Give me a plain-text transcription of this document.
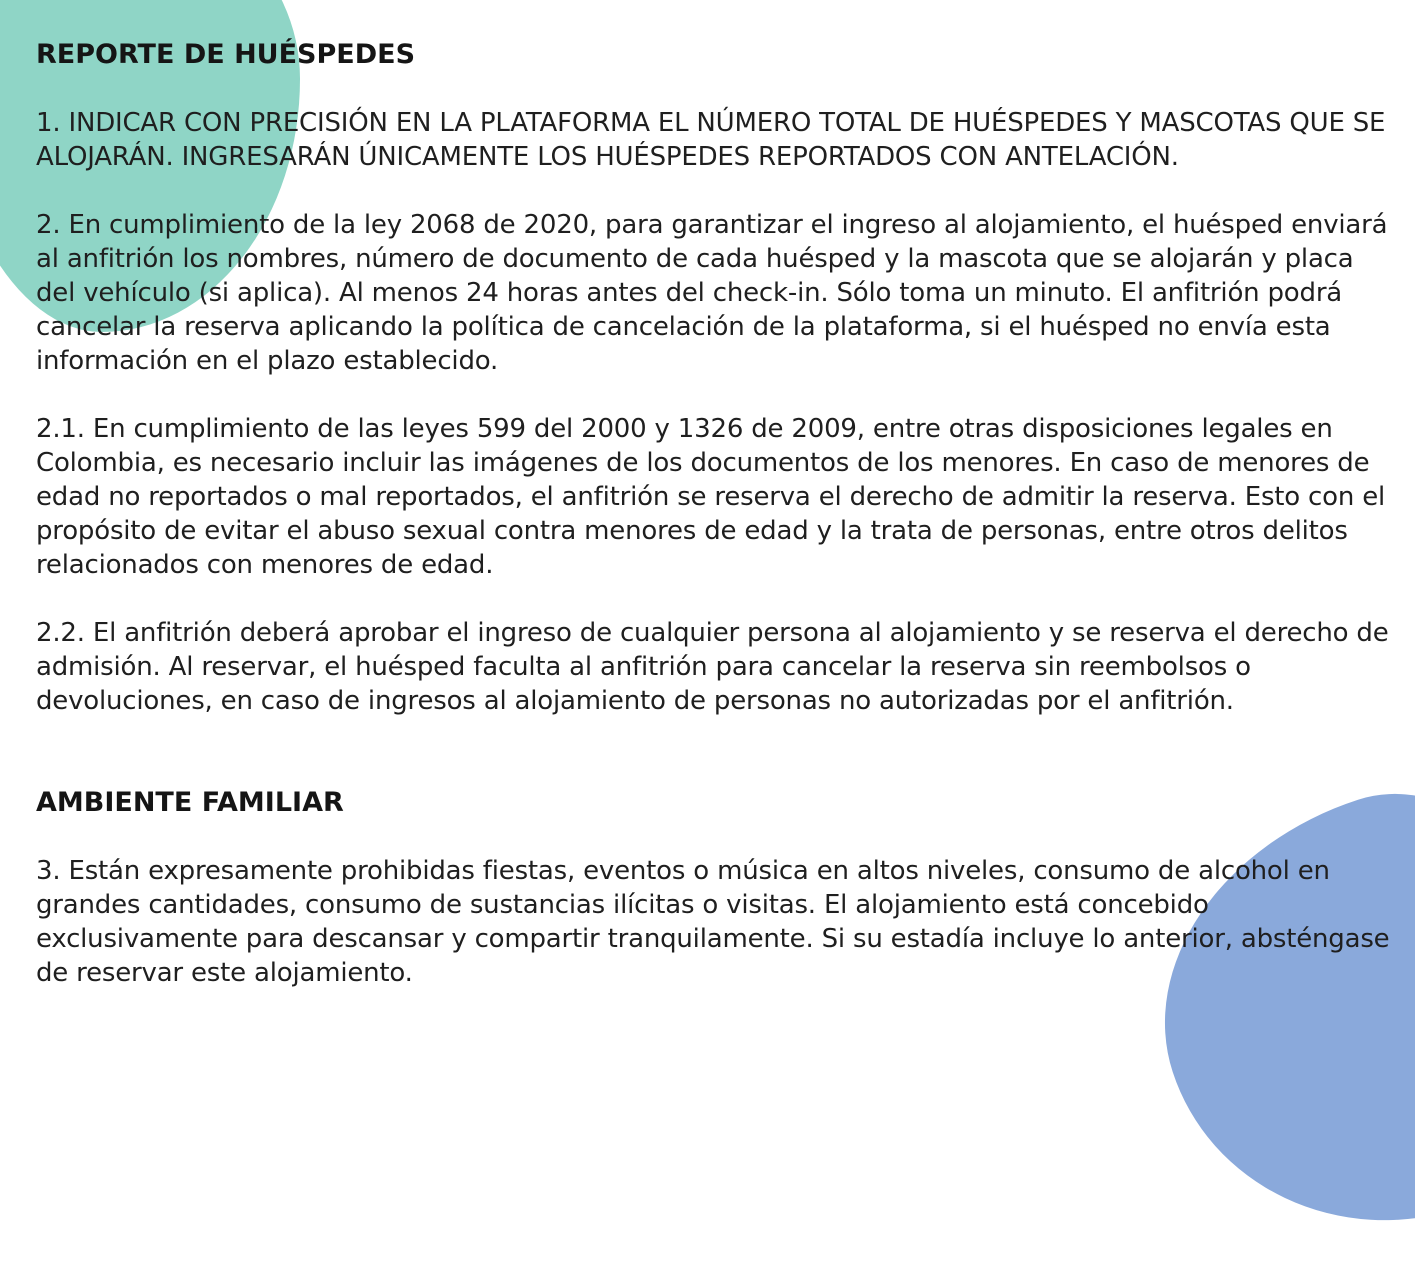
REPORTE DE HUÉSPEDES

1. INDICAR CON PRECISIÓN EN LA PLATAFORMA EL NÚMERO TOTAL DE HUÉSPEDES Y MASCOTAS QUE SE ALOJARÁN. INGRESARÁN ÚNICAMENTE LOS HUÉSPEDES REPORTADOS CON ANTELACIÓN.

2. En cumplimiento de la ley 2068 de 2020, para garantizar el ingreso al alojamiento, el huésped enviará al anfitrión los nombres, número de documento de cada huésped y la mascota que se alojarán y placa del vehículo (si aplica). Al menos 24 horas antes del check-in. Sólo toma un minuto. El anfitrión podrá cancelar la reserva aplicando la política de cancelación de la plataforma, si el huésped no envía esta información en el plazo establecido.

2.1. En cumplimiento de las leyes 599 del 2000 y 1326 de 2009, entre otras disposiciones legales en Colombia, es necesario incluir las imágenes de los documentos de los menores. En caso de menores de edad no reportados o mal reportados, el anfitrión se reserva el derecho de admitir la reserva. Esto con el propósito de evitar el abuso sexual contra menores de edad y la trata de personas, entre otros delitos relacionados con menores de edad.

2.2. El anfitrión deberá aprobar el ingreso de cualquier persona al alojamiento y se reserva el derecho de admisión. Al reservar, el huésped faculta al anfitrión para cancelar la reserva sin reembolsos o devoluciones, en caso de ingresos al alojamiento de personas no autorizadas por el anfitrión.

AMBIENTE FAMILIAR

3. Están expresamente prohibidas fiestas, eventos o música en altos niveles, consumo de alcohol en grandes cantidades, consumo de sustancias ilícitas o visitas. El alojamiento está concebido exclusivamente para descansar y compartir tranquilamente. Si su estadía incluye lo anterior, absténgase de reservar este alojamiento.
